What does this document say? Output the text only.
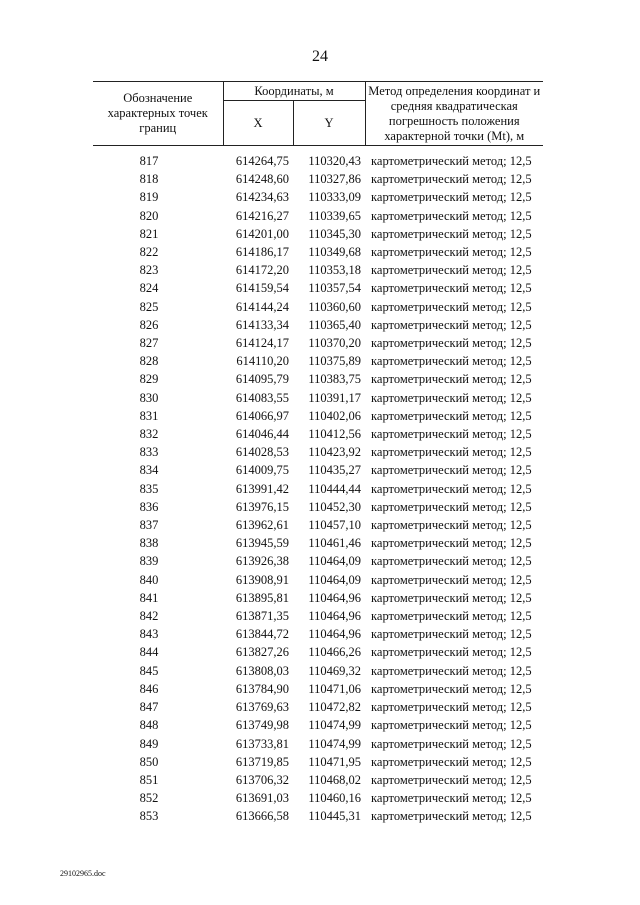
24
Обозначение характерных точек границ	Координаты, м		Метод определения координат и средняя квадратическая погрешность положения характерной точки (Mt), м
	X	Y	
817	614264,75	110320,43	картометрический метод; 12,5
818	614248,60	110327,86	картометрический метод; 12,5
819	614234,63	110333,09	картометрический метод; 12,5
820	614216,27	110339,65	картометрический метод; 12,5
821	614201,00	110345,30	картометрический метод; 12,5
822	614186,17	110349,68	картометрический метод; 12,5
823	614172,20	110353,18	картометрический метод; 12,5
824	614159,54	110357,54	картометрический метод; 12,5
825	614144,24	110360,60	картометрический метод; 12,5
826	614133,34	110365,40	картометрический метод; 12,5
827	614124,17	110370,20	картометрический метод; 12,5
828	614110,20	110375,89	картометрический метод; 12,5
829	614095,79	110383,75	картометрический метод; 12,5
830	614083,55	110391,17	картометрический метод; 12,5
831	614066,97	110402,06	картометрический метод; 12,5
832	614046,44	110412,56	картометрический метод; 12,5
833	614028,53	110423,92	картометрический метод; 12,5
834	614009,75	110435,27	картометрический метод; 12,5
835	613991,42	110444,44	картометрический метод; 12,5
836	613976,15	110452,30	картометрический метод; 12,5
837	613962,61	110457,10	картометрический метод; 12,5
838	613945,59	110461,46	картометрический метод; 12,5
839	613926,38	110464,09	картометрический метод; 12,5
840	613908,91	110464,09	картометрический метод; 12,5
841	613895,81	110464,96	картометрический метод; 12,5
842	613871,35	110464,96	картометрический метод; 12,5
843	613844,72	110464,96	картометрический метод; 12,5
844	613827,26	110466,26	картометрический метод; 12,5
845	613808,03	110469,32	картометрический метод; 12,5
846	613784,90	110471,06	картометрический метод; 12,5
847	613769,63	110472,82	картометрический метод; 12,5
848	613749,98	110474,99	картометрический метод; 12,5
849	613733,81	110474,99	картометрический метод; 12,5
850	613719,85	110471,95	картометрический метод; 12,5
851	613706,32	110468,02	картометрический метод; 12,5
852	613691,03	110460,16	картометрический метод; 12,5
853	613666,58	110445,31	картометрический метод; 12,5
29102965.doc
